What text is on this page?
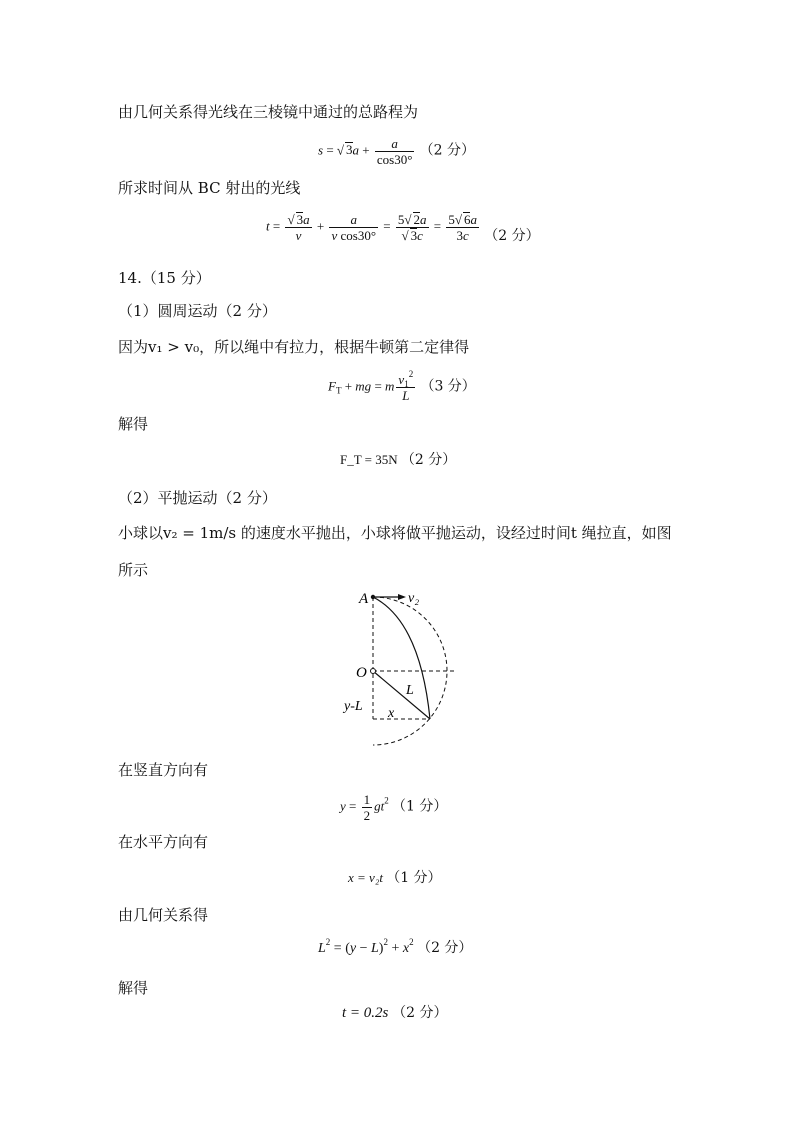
由几何关系得光线在三棱镜中通过的总路程为
s = √ $3a + \frac{a}{\cos 30^\circ} (2$ 分）
所求时间从 BC 射出的光线
$t = \frac{√ 3a}{v} + \frac{a}{\text{v cos30°}} = \frac{5√ 2a}{√ 3c} = \frac{5√ 6a}{3c} (2$ 分）
14.（15 分）
（1）圆周运动（2 分）
因为v₁ > v₀，所以绳中有拉力，根据牛顿第二定律得
$F_T$ + mg = m $\frac{v_1^2}{L} (3$ 分）
解得
F_T = 35N （2 分）
（2）平抛运动（2 分）
小球以v₂ = 1m/s 的速度水平抛出，小球将做平抛运动，设经过时间t 绳拉直，如图
所示
A	v₂
O
L
y-L x
在竖直方向有
$y = \frac{1}{2} gt^2$ （1 分）
在水平方向有
x = v₂t （1 分）
由几何关系得
$L^2 = (y - L)^2 + x^2$ （2 分）
解得
t = 0.2s （2 分）
